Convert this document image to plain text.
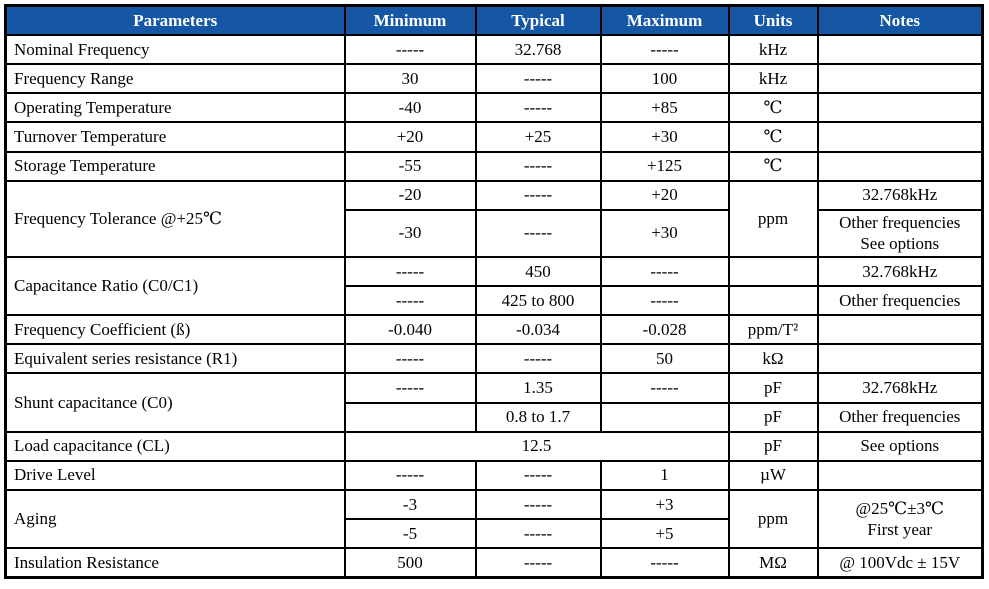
Parameters	Minimum	Typical	Maximum	Units	Notes
Nominal Frequency	-----	32.768	-----	kHz	
Frequency Range	30	-----	100	kHz	
Operating Temperature	-40	-----	+85	℃	
Turnover Temperature	+20	+25	+30	℃	
Storage Temperature	-55	-----	+125	℃	
Frequency Tolerance @+25℃	-20	-----	+20	ppm	32.768kHz
	-30	-----	+30		Other frequencies
See options

Capacitance Ratio (C0/C1)	-----	450	-----		32.768kHz
	-----	425 to 800	-----		Other frequencies
Frequency Coefficient (ß)	-0.040	-0.034	-0.028	ppm/T²	
Equivalent series resistance (R1)	-----	-----	50	kΩ	
Shunt capacitance (C0)	-----	1.35	-----	pF	32.768kHz
		0.8 to 1.7		pF	Other frequencies
Load capacitance (CL)	12.5			pF	See options
Drive Level	-----	-----	1	µW	
Aging	-3	-----	+3	ppm	@25℃±3℃
First year

	-5	-----	+5		
Insulation Resistance	500	-----	-----	MΩ	@ 100Vdc ± 15V
